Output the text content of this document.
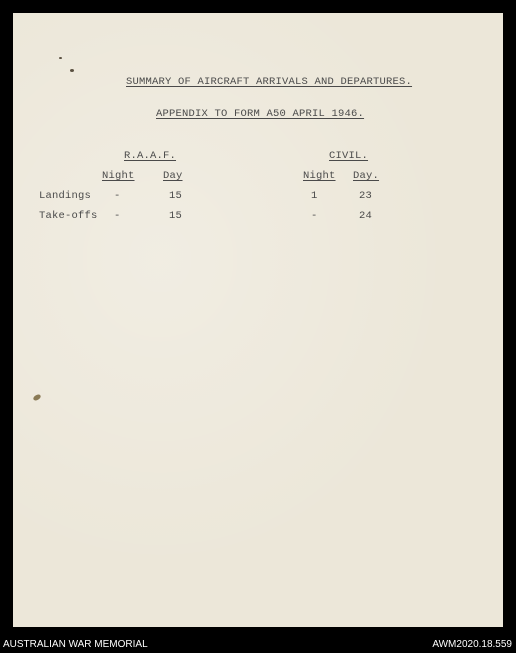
SUMMARY OF AIRCRAFT ARRIVALS AND DEPARTURES.
APPENDIX TO FORM A50 APRIL 1946.
R.A.A.F.	CIVIL.
Night	Day	Night Day.
Landings -	15	1	23
Take-offs -	15	-	24
AUSTRALIAN WAR MEMORIAL	AWM2020.18.559
